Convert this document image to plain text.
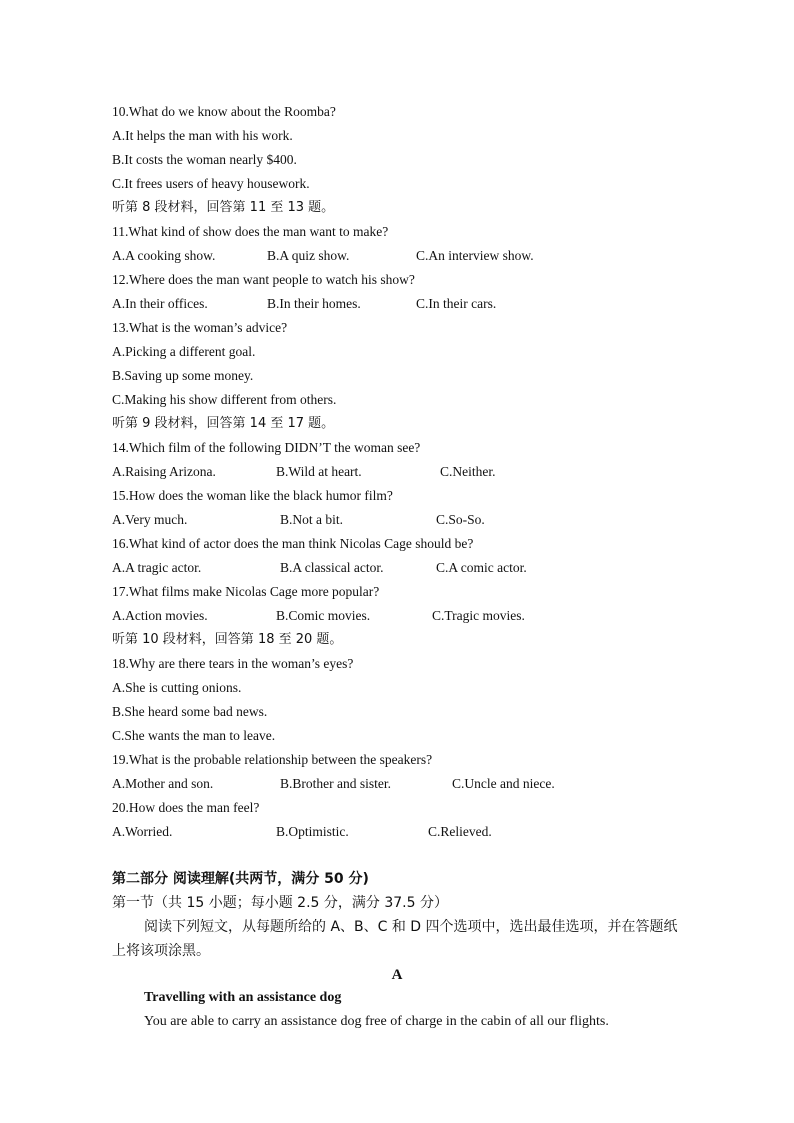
10.What do we know about the Roomba?
A.It helps the man with his work.
B.It costs the woman nearly $400.
C.It frees users of heavy housework.
听第 8 段材料，回答第 11 至 13 题。
11.What kind of show does the man want to make?
A.A cooking show.	B.A quiz show.	C.An interview show.
12.Where does the man want people to watch his show?
A.In their offices.	B.In their homes.	C.In their cars.
13.What is the woman’s advice?
A.Picking a different goal.
B.Saving up some money.
C.Making his show different from others.
听第 9 段材料，回答第 14 至 17 题。
14.Which film of the following DIDN’T the woman see?
A.Raising Arizona.	B.Wild at heart.	C.Neither.
15.How does the woman like the black humor film?
A.Very much.	B.Not a bit.	C.So-So.
16.What kind of actor does the man think Nicolas Cage should be?
A.A tragic actor.	B.A classical actor.	C.A comic actor.
17.What films make Nicolas Cage more popular?
A.Action movies.	B.Comic movies.	C.Tragic movies.
听第 10 段材料，回答第 18 至 20 题。
18.Why are there tears in the woman’s eyes?
A.She is cutting onions.
B.She heard some bad news.
C.She wants the man to leave.
19.What is the probable relationship between the speakers?
A.Mother and son.	B.Brother and sister.	C.Uncle and niece.
20.How does the man feel?
A.Worried.	B.Optimistic.	C.Relieved.
第二部分 阅读理解(共两节，满分 50 分)
第一节（共 15 小题；每小题 2.5 分，满分 37.5 分）
阅读下列短文，从每题所给的 A、B、C 和 D 四个选项中，选出最佳选项，并在答题纸上将该项涂黑。
A
Travelling with an assistance dog
You are able to carry an assistance dog free of charge in the cabin of all our flights.
